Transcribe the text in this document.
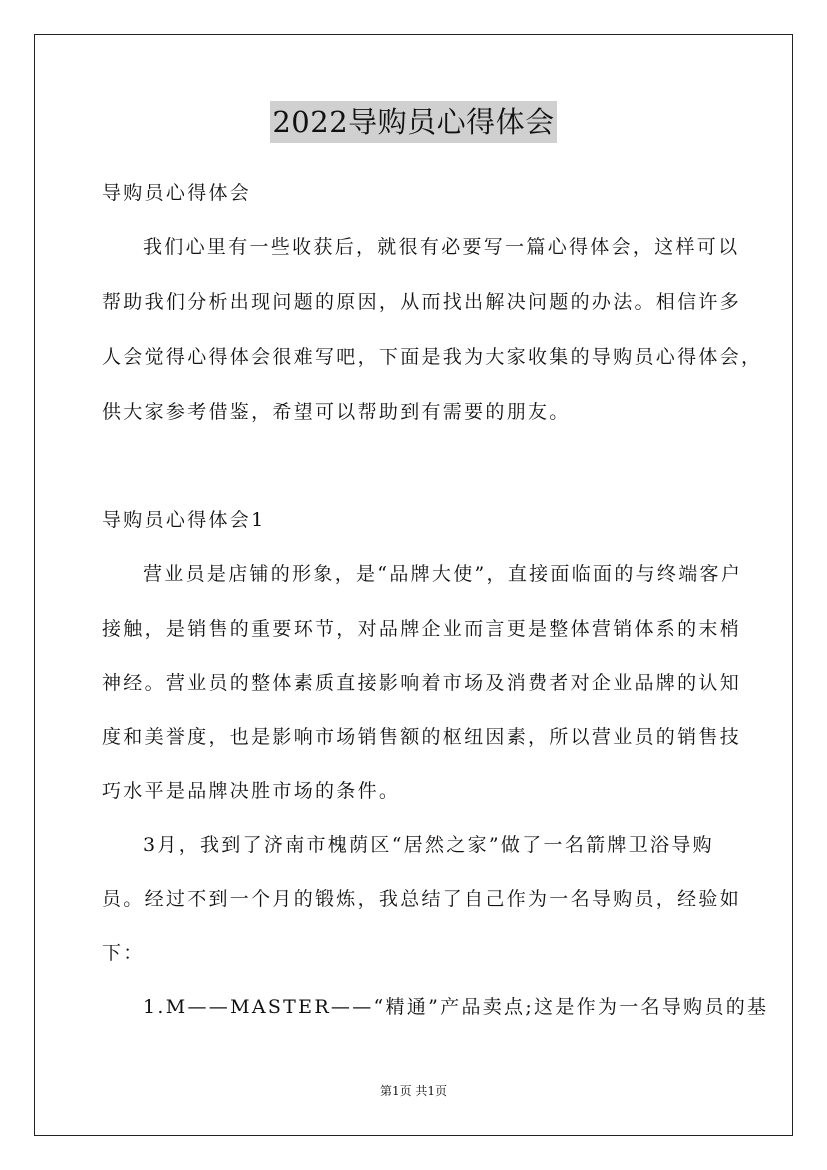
2022导购员心得体会
导购员心得体会
我们心里有一些收获后，就很有必要写一篇心得体会，这样可以
帮助我们分析出现问题的原因，从而找出解决问题的办法。相信许多
人会觉得心得体会很难写吧，下面是我为大家收集的导购员心得体会，
供大家参考借鉴，希望可以帮助到有需要的朋友。
导购员心得体会1
营业员是店铺的形象，是“品牌大使”，直接面临面的与终端客户
接触，是销售的重要环节，对品牌企业而言更是整体营销体系的末梢
神经。营业员的整体素质直接影响着市场及消费者对企业品牌的认知
度和美誉度，也是影响市场销售额的枢纽因素，所以营业员的销售技
巧水平是品牌决胜市场的条件。
3月，我到了济南市槐荫区“居然之家”做了一名箭牌卫浴导购
员。经过不到一个月的锻炼，我总结了自己作为一名导购员，经验如
下：
1.M——MASTER——“精通”产品卖点;这是作为一名导购员的基
第1页 共1页
